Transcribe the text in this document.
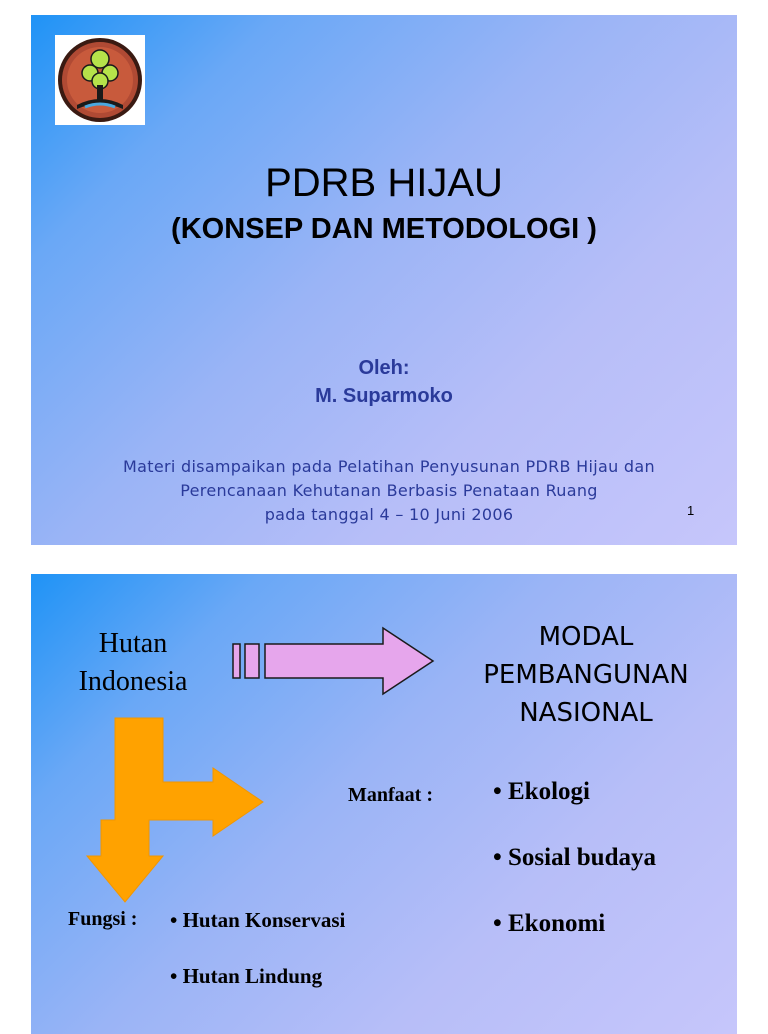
PDRB HIJAU
(KONSEP DAN METODOLOGI )
Oleh:
M. Suparmoko
Materi disampaikan pada Pelatihan Penyusunan PDRB Hijau dan
Perencanaan Kehutanan Berbasis Penataan Ruang
pada tanggal 4 – 10 Juni 2006	1
Hutan
Indonesia
MODAL
PEMBANGUNAN
NASIONAL
Manfaat : • Ekologi
• Sosial budaya
• Ekonomi
Fungsi : • Hutan Konservasi
• Hutan Lindung
